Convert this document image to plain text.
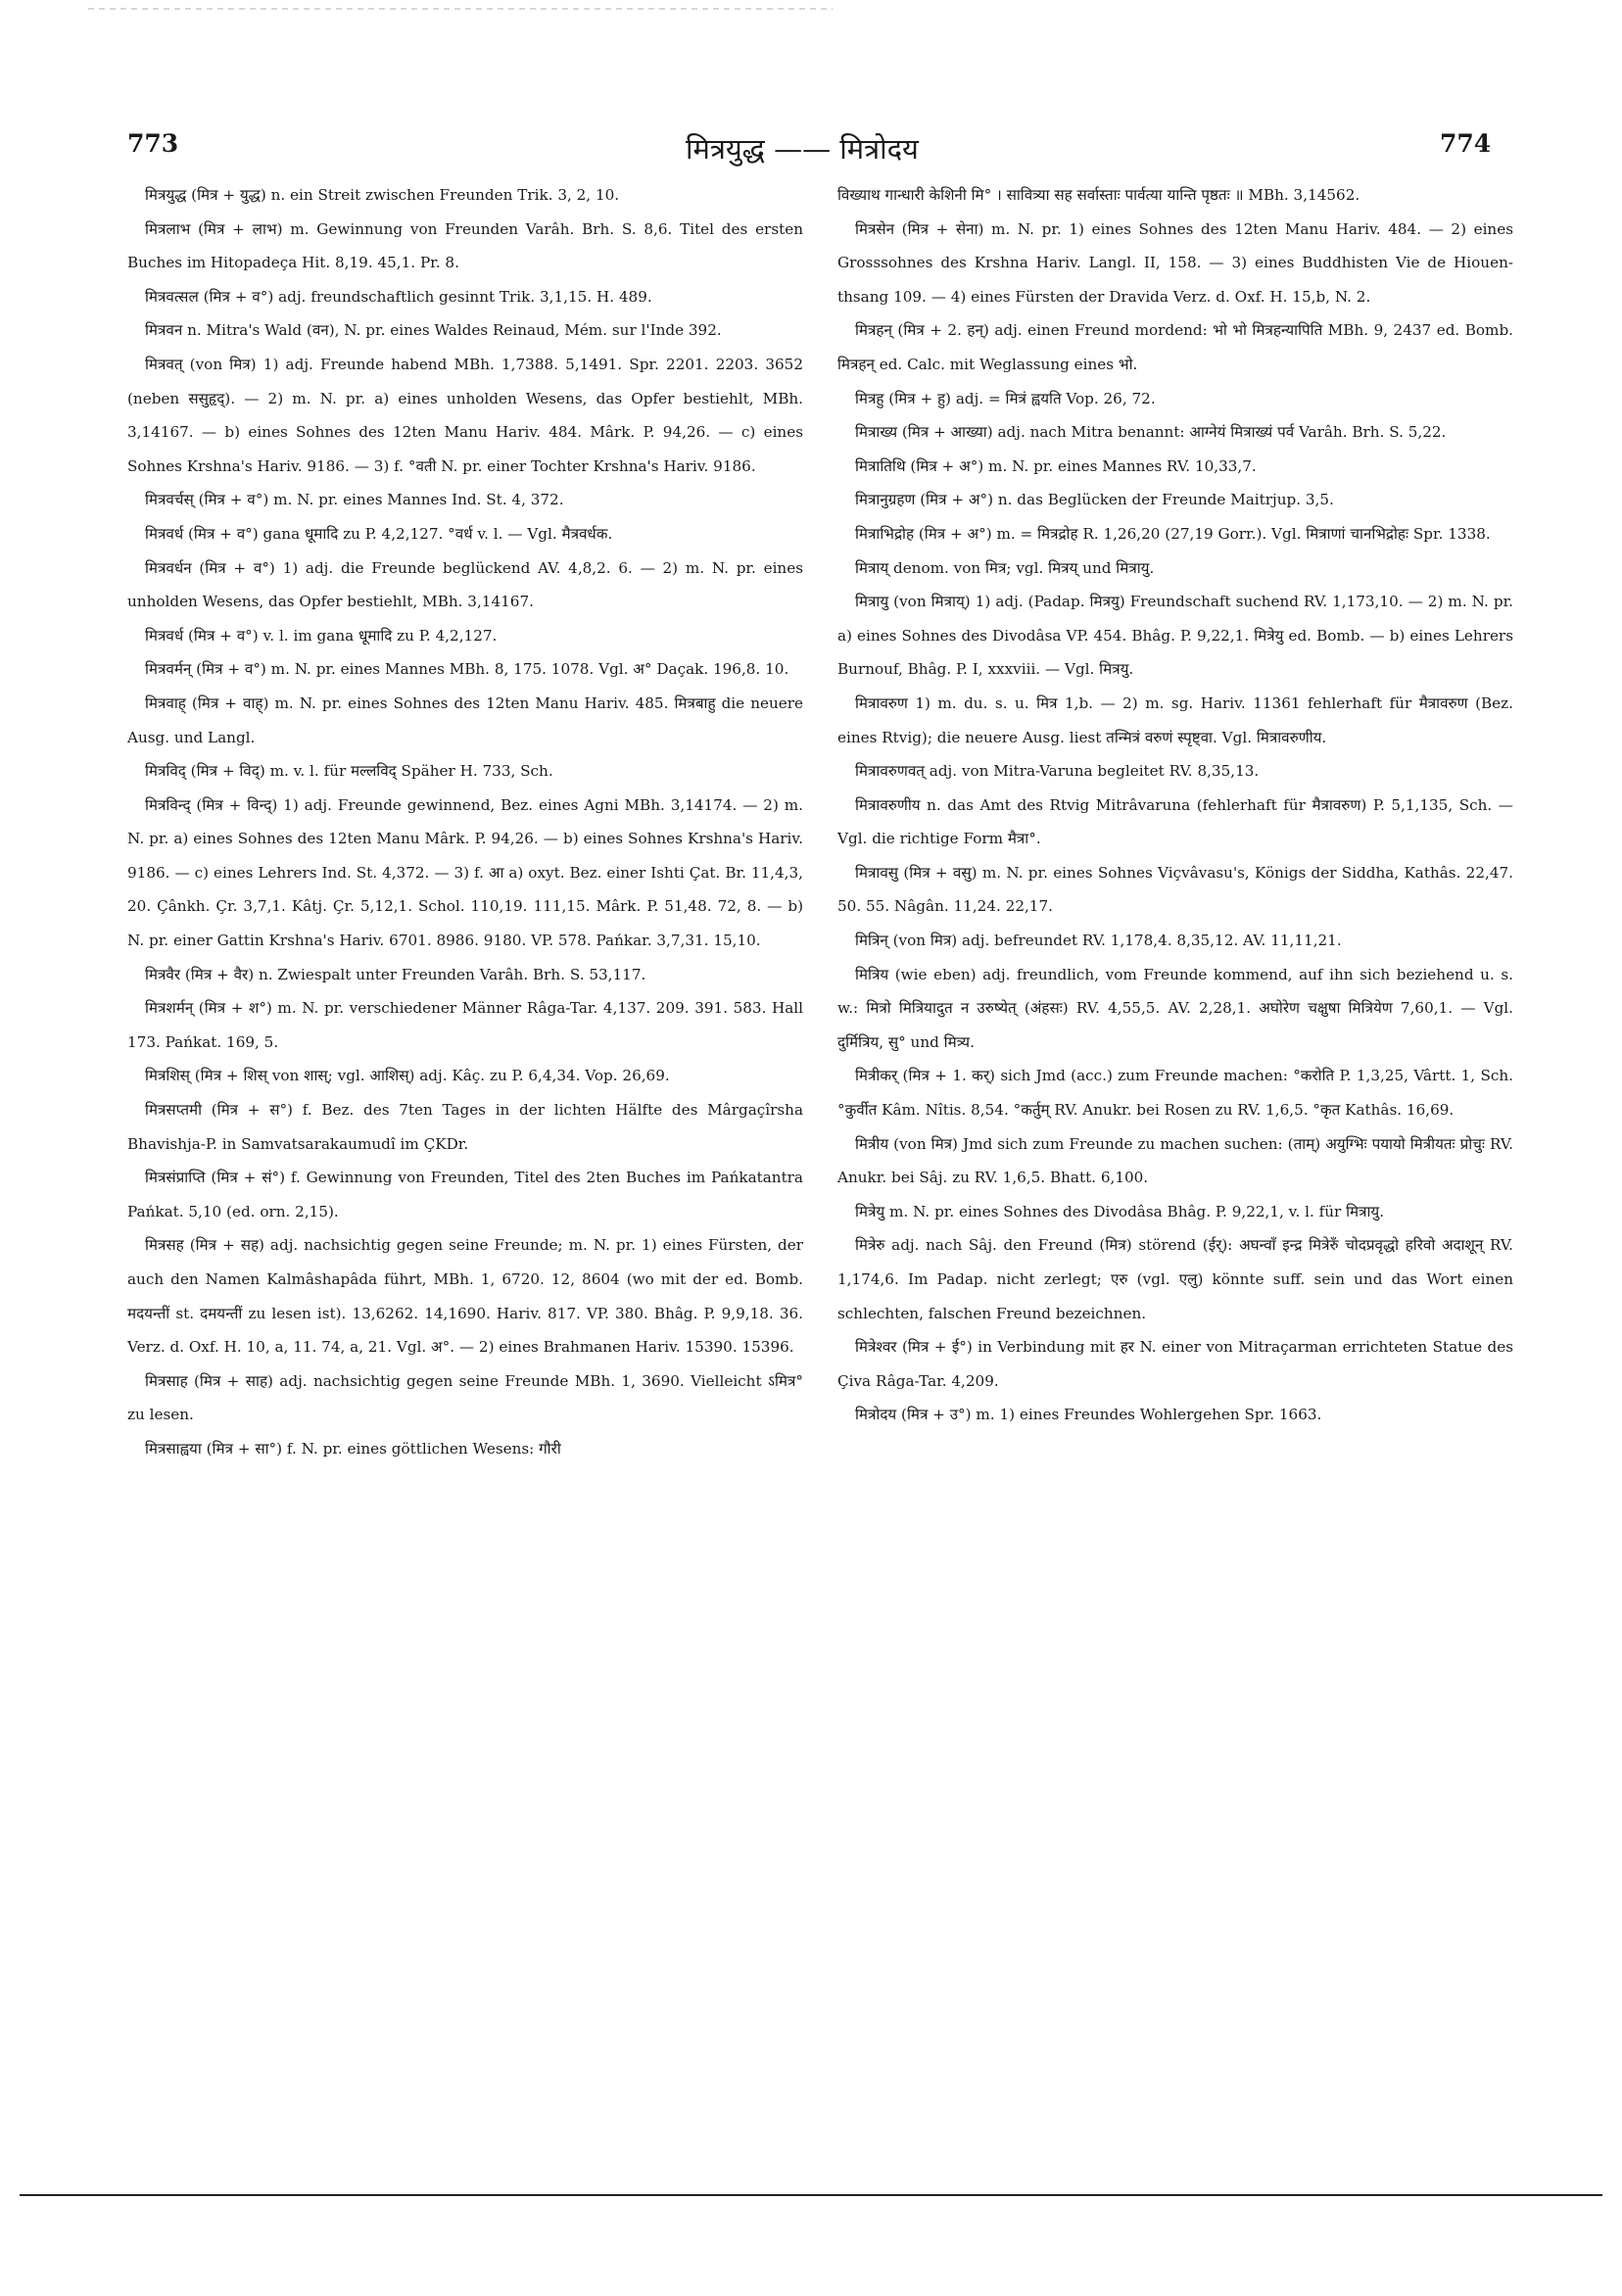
773	मित्रयुद्ध —— मित्रोदय	774

मित्रयुद्ध (मित्र + युद्ध) n. ein Streit zwischen Freunden Trik. 3, 2, 10.

मित्रलाभ (मित्र + लाभ) m. Gewinnung von Freunden Varâh. Brh. S. 8,6. Titel des ersten Buches im Hitopadeça Hit. 8,19. 45,1. Pr. 8.

मित्रवत्सल (मित्र + व°) adj. freundschaftlich gesinnt Trik. 3,1,15. H. 489.

मित्रवन n. Mitra's Wald (वन), N. pr. eines Waldes Reinaud, Mém. sur l'Inde 392.

मित्रवत् (von मित्र) 1) adj. Freunde habend MBh. 1,7388. 5,1491. Spr. 2201. 2203. 3652 (neben ससुहृद्). — 2) m. N. pr. a) eines unholden Wesens, das Opfer bestiehlt, MBh. 3,14167. — b) eines Sohnes des 12ten Manu Hariv. 484. Mârk. P. 94,26. — c) eines Sohnes Krshna's Hariv. 9186. — 3) f. °वती N. pr. einer Tochter Krshna's Hariv. 9186.

मित्रवर्चस् (मित्र + व°) m. N. pr. eines Mannes Ind. St. 4, 372.

मित्रवर्ध (मित्र + व°) gana धूमादि zu P. 4,2,127. °वर्ध v. l. — Vgl. मैत्रवर्धक.

मित्रवर्धन (मित्र + व°) 1) adj. die Freunde beglückend AV. 4,8,2. 6. — 2) m. N. pr. eines unholden Wesens, das Opfer bestiehlt, MBh. 3,14167.

मित्रवर्ध (मित्र + व°) v. l. im gana धूमादि zu P. 4,2,127.

मित्रवर्मन् (मित्र + व°) m. N. pr. eines Mannes MBh. 8, 175. 1078. Vgl. अ° Daçak. 196,8. 10.

मित्रवाह् (मित्र + वाह्) m. N. pr. eines Sohnes des 12ten Manu Hariv. 485. मित्रबाहु die neuere Ausg. und Langl.

मित्रविद् (मित्र + विद्) m. v. l. für मल्लविद् Späher H. 733, Sch.

मित्रविन्द् (मित्र + विन्द्) 1) adj. Freunde gewinnend, Bez. eines Agni MBh. 3,14174. — 2) m. N. pr. a) eines Sohnes des 12ten Manu Mârk. P. 94,26. — b) eines Sohnes Krshna's Hariv. 9186. — c) eines Lehrers Ind. St. 4,372. — 3) f. आ a) oxyt. Bez. einer Ishti Çat. Br. 11,4,3, 20. Çânkh. Çr. 3,7,1. Kâtj. Çr. 5,12,1. Schol. 110,19. 111,15. Mârk. P. 51,48. 72, 8. — b) N. pr. einer Gattin Krshna's Hariv. 6701. 8986. 9180. VP. 578. Pańkar. 3,7,31. 15,10.

मित्रवैर (मित्र + वैर) n. Zwiespalt unter Freunden Varâh. Brh. S. 53,117.

मित्रशर्मन् (मित्र + श°) m. N. pr. verschiedener Männer Râga-Tar. 4,137. 209. 391. 583. Hall 173. Pańkat. 169, 5.

मित्रशिस् (मित्र + शिस् von शास्; vgl. आशिस्) adj. Kâç. zu P. 6,4,34. Vop. 26,69.

मित्रसप्तमी (मित्र + स°) f. Bez. des 7ten Tages in der lichten Hälfte des Mârgaçîrsha Bhavishja-P. in Samvatsarakaumudî im ÇKDr.

मित्रसंप्राप्ति (मित्र + सं°) f. Gewinnung von Freunden, Titel des 2ten Buches im Pańkatantra Pańkat. 5,10 (ed. orn. 2,15).

मित्रसह (मित्र + सह) adj. nachsichtig gegen seine Freunde; m. N. pr. 1) eines Fürsten, der auch den Namen Kalmâshapâda führt, MBh. 1, 6720. 12, 8604 (wo mit der ed. Bomb. मदयन्तीं st. दमयन्तीं zu lesen ist). 13,6262. 14,1690. Hariv. 817. VP. 380. Bhâg. P. 9,9,18. 36. Verz. d. Oxf. H. 10, a, 11. 74, a, 21. Vgl. अ°. — 2) eines Brahmanen Hariv. 15390. 15396.

मित्रसाह (मित्र + साह) adj. nachsichtig gegen seine Freunde MBh. 1, 3690. Vielleicht ऽमित्र° zu lesen.

मित्रसाह्वया (मित्र + सा°) f. N. pr. eines göttlichen Wesens: गौरी

विख्याथ गान्धारी केशिनी मि° । सावित्र्या सह सर्वास्ताः पार्वत्या यान्ति पृष्ठतः ॥ MBh. 3,14562.

मित्रसेन (मित्र + सेना) m. N. pr. 1) eines Sohnes des 12ten Manu Hariv. 484. — 2) eines Grosssohnes des Krshna Hariv. Langl. II, 158. — 3) eines Buddhisten Vie de Hiouen-thsang 109. — 4) eines Fürsten der Dravida Verz. d. Oxf. H. 15,b, N. 2.

मित्रहन् (मित्र + 2. हन्) adj. einen Freund mordend: भो भो मित्रहन्यापिति MBh. 9, 2437 ed. Bomb. मित्रहन् ed. Calc. mit Weglassung eines भो.

मित्रहु (मित्र + हु) adj. = मित्रं ह्वयति Vop. 26, 72.

मित्राख्य (मित्र + आख्या) adj. nach Mitra benannt: आग्नेयं मित्राख्यं पर्व Varâh. Brh. S. 5,22.

मित्रातिथि (मित्र + अ°) m. N. pr. eines Mannes RV. 10,33,7.

मित्रानुग्रहण (मित्र + अ°) n. das Beglücken der Freunde Maitrjup. 3,5.

मित्राभिद्रोह (मित्र + अ°) m. = मित्रद्रोह R. 1,26,20 (27,19 Gorr.). Vgl. मित्राणां चानभिद्रोहः Spr. 1338.

मित्राय् denom. von मित्र; vgl. मित्रय् und मित्रायु.

मित्रायु (von मित्राय्) 1) adj. (Padap. मित्रयु) Freundschaft suchend RV. 1,173,10. — 2) m. N. pr. a) eines Sohnes des Divodâsa VP. 454. Bhâg. P. 9,22,1. मित्रेयु ed. Bomb. — b) eines Lehrers Burnouf, Bhâg. P. I, xxxviii. — Vgl. मित्रयु.

मित्रावरुण 1) m. du. s. u. मित्र 1,b. — 2) m. sg. Hariv. 11361 fehlerhaft für मैत्रावरुण (Bez. eines Rtvig); die neuere Ausg. liest तन्मित्रं वरुणं स्पृष्ट्वा. Vgl. मित्रावरुणीय.

मित्रावरुणवत् adj. von Mitra-Varuna begleitet RV. 8,35,13.

मित्रावरुणीय n. das Amt des Rtvig Mitrâvaruna (fehlerhaft für मैत्रावरुण) P. 5,1,135, Sch. — Vgl. die richtige Form मैत्रा°.

मित्रावसु (मित्र + वसु) m. N. pr. eines Sohnes Viçvâvasu's, Königs der Siddha, Kathâs. 22,47. 50. 55. Nâgân. 11,24. 22,17.

मित्रिन् (von मित्र) adj. befreundet RV. 1,178,4. 8,35,12. AV. 11,11,21.

मित्रिय (wie eben) adj. freundlich, vom Freunde kommend, auf ihn sich beziehend u. s. w.: मित्रो मित्रियादुत न उरुष्येत् (अंहसः) RV. 4,55,5. AV. 2,28,1. अघोरेण चक्षुषा मित्रियेण 7,60,1. — Vgl. दुर्मित्रिय, सु° und मित्र्य.

मित्रीकर् (मित्र + 1. कर्) sich Jmd (acc.) zum Freunde machen: °करोति P. 1,3,25, Vârtt. 1, Sch. °कुर्वीत Kâm. Nîtis. 8,54. °कर्तुम् RV. Anukr. bei Rosen zu RV. 1,6,5. °कृत Kathâs. 16,69.

मित्रीय (von मित्र) Jmd sich zum Freunde zu machen suchen: (ताम्) अयुग्भिः पयायो मित्रीयतः प्रोचुः RV. Anukr. bei Sâj. zu RV. 1,6,5. Bhatt. 6,100.

मित्रेयु m. N. pr. eines Sohnes des Divodâsa Bhâg. P. 9,22,1, v. l. für मित्रायु.

मित्रेरु adj. nach Sâj. den Freund (मित्र) störend (ईर्): अघन्वाँ इन्द्र मित्रेरुँ चोदप्रवृद्धो हरिवो अदाशून् RV. 1,174,6. Im Padap. nicht zerlegt; एरु (vgl. एलु) könnte suff. sein und das Wort einen schlechten, falschen Freund bezeichnen.

मित्रेश्वर (मित्र + ई°) in Verbindung mit हर N. einer von Mitraçarman errichteten Statue des Çiva Râga-Tar. 4,209.

मित्रोदय (मित्र + उ°) m. 1) eines Freundes Wohlergehen Spr. 1663.
